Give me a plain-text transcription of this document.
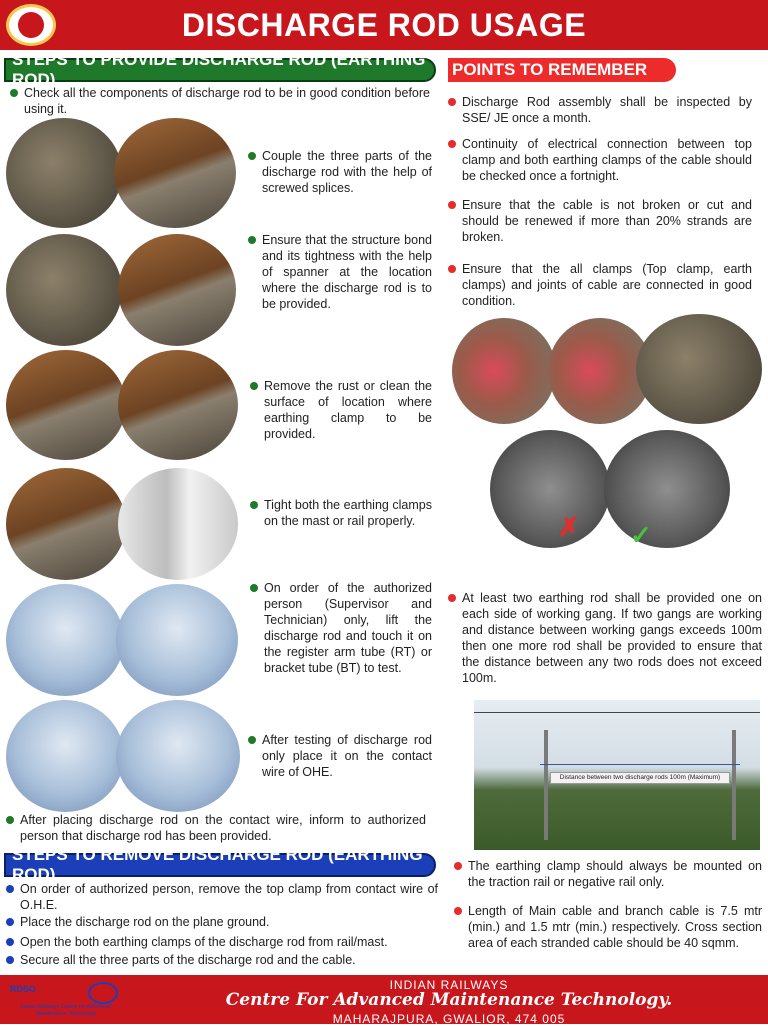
DISCHARGE ROD USAGE
STEPS TO PROVIDE DISCHARGE ROD (EARTHING ROD)
POINTS TO REMEMBER
STEPS TO REMOVE DISCHARGE ROD (EARTHING ROD)
Check all the components of discharge rod to be in good condition before using it.
Couple the three parts of the discharge rod with the help of screwed splices.
Ensure that the structure bond and its tightness with the help of spanner at the location where the discharge rod is to be provided.
Remove the rust or clean the surface of location where earthing clamp to be provided.
Tight both the earthing clamps on the mast or rail properly.
On order of the authorized person (Supervisor and Technician) only, lift the discharge rod and touch it on the register arm tube (RT) or bracket tube (BT) to test.
After testing of discharge rod only place it on the contact wire of OHE.
After placing discharge rod on the contact wire, inform to authorized person that discharge rod has been provided.
Discharge Rod assembly shall be inspected by SSE/ JE once a month.
Continuity of electrical connection between top clamp and both earthing clamps of the cable should be checked once a fortnight.
Ensure that the cable is not broken or cut and should be renewed if more than 20% strands are broken.
Ensure that the all clamps (Top clamp, earth clamps) and joints of cable are connected in good condition.
✗ ✓
At least two earthing rod shall be provided one on each side of working gang. If two gangs are working and distance between working gangs exceeds 100m then one more rod shall be provided to ensure that the distance between any two rods does not exceed 100m.
Distance between two discharge rods 100m (Maximum)
The earthing clamp should always be mounted on the traction rail or negative rail only.
Length of Main cable and branch cable is 7.5 mtr (min.) and 1.5 mtr (min.) respectively. Cross section area of each stranded cable should be 40 sqmm.
On order of authorized person, remove the top clamp from contact wire of O.H.E.
Place the discharge rod on the plane ground.
Open the both earthing clamps of the discharge rod from rail/mast.
Secure all the three parts of the discharge rod and the cable.
RDSO
Indian Railways Centre for Advanced Maintenance Technology
INDIAN RAILWAYS
Centre For Advanced Maintenance Technology.
MAHARAJPURA, GWALIOR, 474 005
